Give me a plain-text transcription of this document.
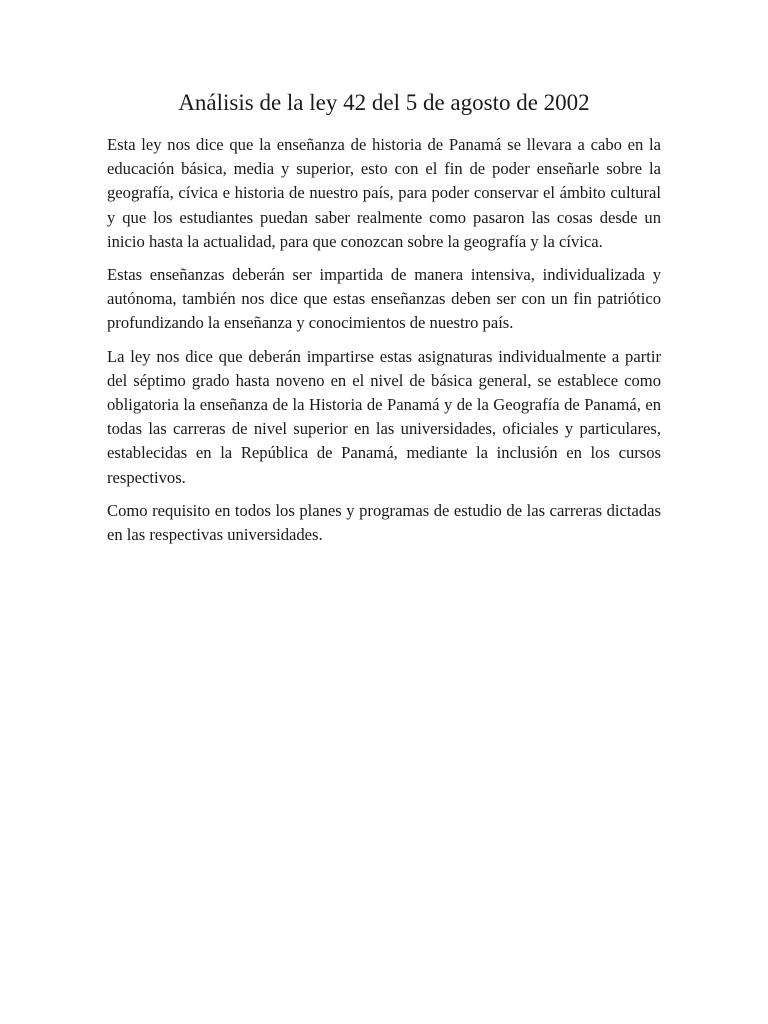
Análisis de la ley 42 del 5 de agosto de 2002

Esta ley nos dice que la enseñanza de historia de Panamá se llevara a cabo en la educación básica, media y superior, esto con el fin de poder enseñarle sobre la geografía, cívica e historia de nuestro país, para poder conservar el ámbito cultural y que los estudiantes puedan saber realmente como pasaron las cosas desde un inicio hasta la actualidad, para que conozcan sobre la geografía y la cívica.

Estas enseñanzas deberán ser impartida de manera intensiva, individualizada y autónoma, también nos dice que estas enseñanzas deben ser con un fin patriótico profundizando la enseñanza y conocimientos de nuestro país.

La ley nos dice que deberán impartirse estas asignaturas individualmente a partir del séptimo grado hasta noveno en el nivel de básica general, se establece como obligatoria la enseñanza de la Historia de Panamá y de la Geografía de Panamá, en todas las carreras de nivel superior en las universidades, oficiales y particulares, establecidas en la República de Panamá, mediante la inclusión en los cursos respectivos.

Como requisito en todos los planes y programas de estudio de las carreras dictadas en las respectivas universidades.
